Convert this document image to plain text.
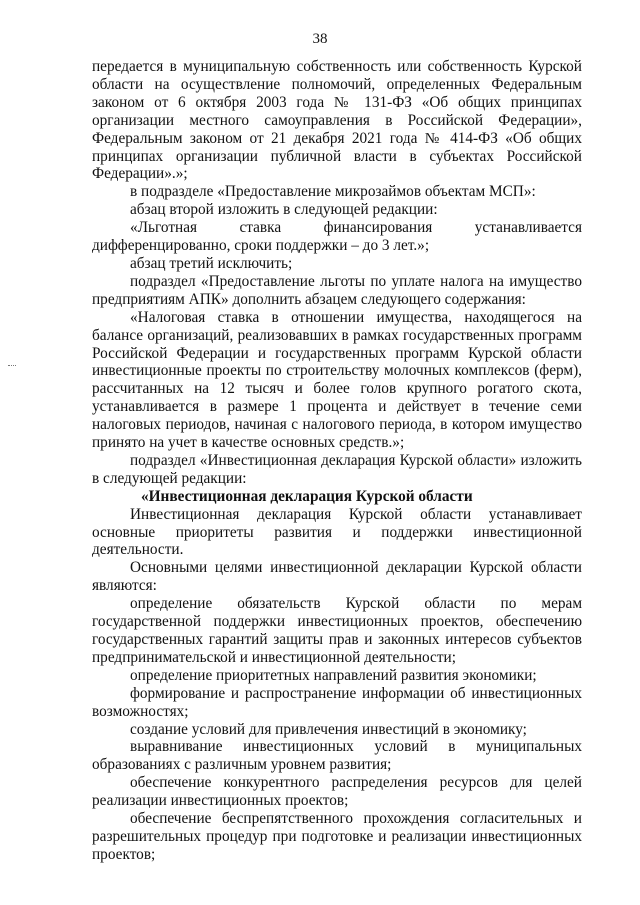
38

передается в муниципальную собственность или собственность Курской области на осуществление полномочий, определенных Федеральным законом от 6 октября 2003 года № 131-ФЗ «Об общих принципах организации местного самоуправления в Российской Федерации», Федеральным законом от 21 декабря 2021 года № 414-ФЗ «Об общих принципах организации публичной власти в субъектах Российской Федерации».»;

в подразделе «Предоставление микрозаймов объектам МСП»:

абзац второй изложить в следующей редакции:

«Льготная ставка финансирования устанавливается дифференцированно, сроки поддержки – до 3 лет.»;

абзац третий исключить;

подраздел «Предоставление льготы по уплате налога на имущество предприятиям АПК» дополнить абзацем следующего содержания:

«Налоговая ставка в отношении имущества, находящегося на балансе организаций, реализовавших в рамках государственных программ Российской Федерации и государственных программ Курской области инвестиционные проекты по строительству молочных комплексов (ферм), рассчитанных на 12 тысяч и более голов крупного рогатого скота, устанавливается в размере 1 процента и действует в течение семи налоговых периодов, начиная с налогового периода, в котором имущество принято на учет в качестве основных средств.»;

подраздел «Инвестиционная декларация Курской области» изложить в следующей редакции:

«Инвестиционная декларация Курской области

Инвестиционная декларация Курской области устанавливает основные приоритеты развития и поддержки инвестиционной деятельности.

Основными целями инвестиционной декларации Курской области являются:

определение обязательств Курской области по мерам государственной поддержки инвестиционных проектов, обеспечению государственных гарантий защиты прав и законных интересов субъектов предпринимательской и инвестиционной деятельности;

определение приоритетных направлений развития экономики;

формирование и распространение информации об инвестиционных возможностях;

создание условий для привлечения инвестиций в экономику;

выравнивание инвестиционных условий в муниципальных образованиях с различным уровнем развития;

обеспечение конкурентного распределения ресурсов для целей реализации инвестиционных проектов;

обеспечение беспрепятственного прохождения согласительных и разрешительных процедур при подготовке и реализации инвестиционных проектов;
